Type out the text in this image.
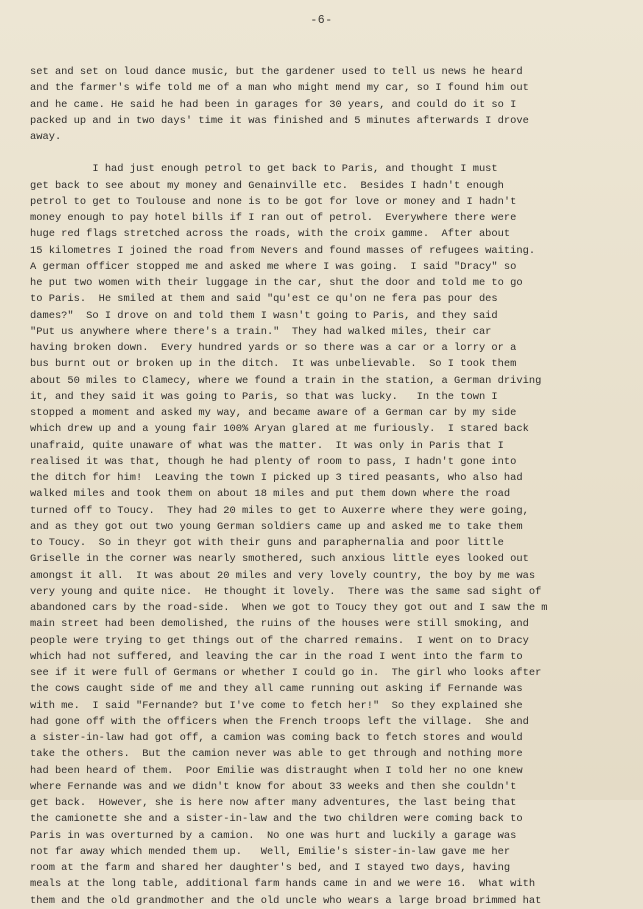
-6-
set and set on loud dance music, but the gardener used to tell us news he heard
and the farmer's wife told me of a man who might mend my car, so I found him out
and he came. He said he had been in garages for 30 years, and could do it so I
packed up and in two days' time it was finished and 5 minutes afterwards I drove
away.
I had just enough petrol to get back to Paris, and thought I must
get back to see about my money and Genainville etc.  Besides I hadn't enough
petrol to get to Toulouse and none is to be got for love or money and I hadn't
money enough to pay hotel bills if I ran out of petrol.  Everywhere there were
huge red flags stretched across the roads, with the croix gamme.  After about
15 kilometres I joined the road from Nevers and found masses of refugees waiting.
A german officer stopped me and asked me where I was going.  I said "Dracy" so
he put two women with their luggage in the car, shut the door and told me to go
to Paris.  He smiled at them and said "qu'est ce qu'on ne fera pas pour des
dames?"  So I drove on and told them I wasn't going to Paris, and they said
"Put us anywhere where there's a train."  They had walked miles, their car
having broken down.  Every hundred yards or so there was a car or a lorry or a
bus burnt out or broken up in the ditch.  It was unbelievable.  So I took them
about 50 miles to Clamecy, where we found a train in the station, a German driving
it, and they said it was going to Paris, so that was lucky.   In the town I
stopped a moment and asked my way, and became aware of a German car by my side
which drew up and a young fair 100% Aryan glared at me furiously.  I stared back
unafraid, quite unaware of what was the matter.  It was only in Paris that I
realised it was that, though he had plenty of room to pass, I hadn't gone into
the ditch for him!  Leaving the town I picked up 3 tired peasants, who also had
walked miles and took them on about 18 miles and put them down where the road
turned off to Toucy.  They had 20 miles to get to Auxerre where they were going,
and as they got out two young German soldiers came up and asked me to take them
to Toucy.  So in theyr got with their guns and paraphernalia and poor little
Griselle in the corner was nearly smothered, such anxious little eyes looked out
amongst it all.  It was about 20 miles and very lovely country, the boy by me was
very young and quite nice.  He thought it lovely.  There was the same sad sight of
abandoned cars by the road-side.  When we got to Toucy they got out and I saw the m
main street had been demolished, the ruins of the houses were still smoking, and
people were trying to get things out of the charred remains.  I went on to Dracy
which had not suffered, and leaving the car in the road I went into the farm to
see if it were full of Germans or whether I could go in.  The girl who looks after
the cows caught side of me and they all came running out asking if Fernande was
with me.  I said "Fernande? but I've come to fetch her!"  So they explained she
had gone off with the officers when the French troops left the village.  She and
a sister-in-law had got off, a camion was coming back to fetch stores and would
take the others.  But the camion never was able to get through and nothing more
had been heard of them.  Poor Emilie was distraught when I told her no one knew
where Fernande was and we didn't know for about 33 weeks and then she couldn't
get back.  However, she is here now after many adventures, the last being that
the camionette she and a sister-in-law and the two children were coming back to
Paris in was overturned by a camion.  No one was hurt and luckily a garage was
not far away which mended them up.   Well, Emilie's sister-in-law gave me her
room at the farm and shared her daughter's bed, and I stayed two days, having
meals at the long table, additional farm hands came in and we were 16.  What with
them and the old grandmother and the old uncle who wears a large broad brimmed hat
